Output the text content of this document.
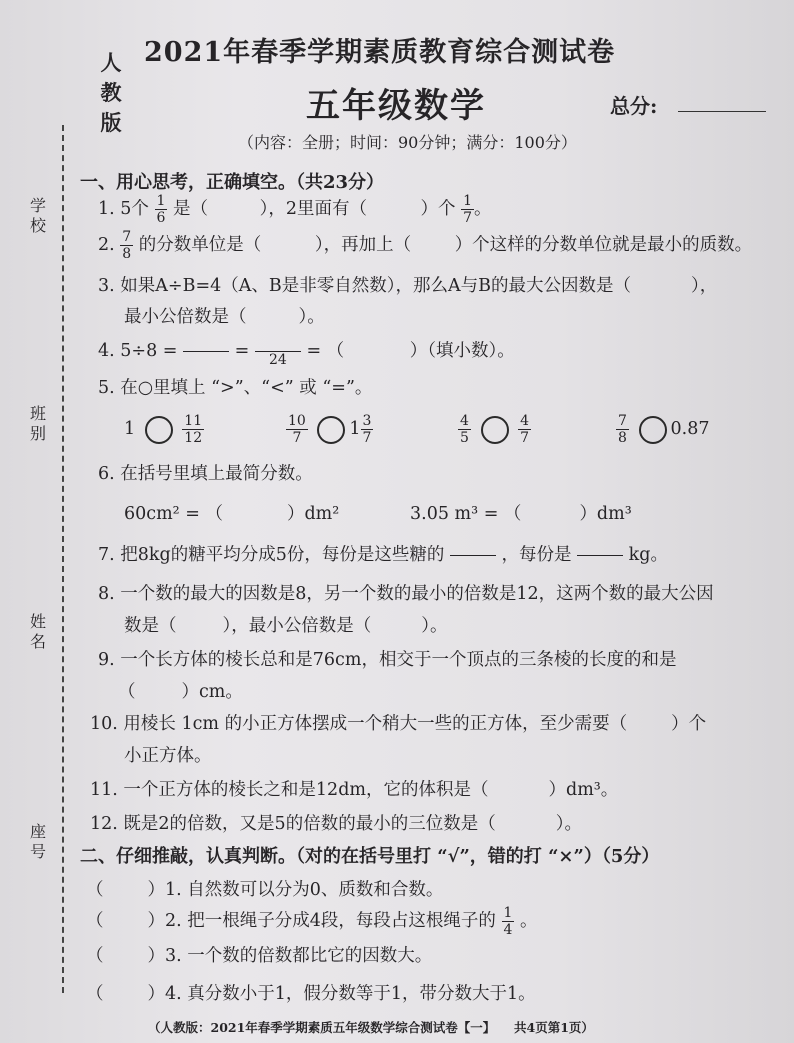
人教版
2021年春季学期素质教育综合测试卷
五年级数学	总分:
（内容：全册；时间：90分钟；满分：100分）
学校
班别
姓名
座号
一、用心思考，正确填空。（共23分）
1. 5个 $\frac{1}{6}$ 是（	），2里面有（	）个 $\frac{1}{7}$ 。
2. $\frac{7}{8}$ 的分数单位是（	），再加上（ ）个这样的分数单位就是最小的质数。
3. 如果A÷B=4（A、B是非零自然数），那么A与B的最大公因数是（	），
最小公倍数是（	）。
4. 5÷8 =

	=
	24	= （	）（填小数）。
5. 在○里填上 “>”、“<” 或 “=”。
1	$\frac{11}{12}$	$\frac{10}{7} 1 \frac{3}{7}$	$\frac{4}{5}$
	$\frac{4}{7}$	$\frac{7}{8} 0.87$
6. 在括号里填上最简分数。
60cm² = （	）dm²	3.05 m³ = （	）dm³
7. 把8kg的糖平均分成5份，每份是这些糖的

	，每份是

	kg。
8. 一个数的最大的因数是8，另一个数的最小的倍数是12，这两个数的最大公因
数是（	），最小公倍数是（	）。
9. 一个长方体的棱长总和是76cm，相交于一个顶点的三条棱的长度的和是
（	）cm。
10. 用棱长 1cm 的小正方体摆成一个稍大一些的正方体，至少需要（	）个
小正方体。
11. 一个正方体的棱长之和是12dm，它的体积是（	）dm³。
12. 既是2的倍数，又是5的倍数的最小的三位数是（	）。
二、仔细推敲，认真判断。（对的在括号里打 “√”，错的打 “×”）（5分）
（	）1. 自然数可以分为0、质数和合数。
（	）2. 把一根绳子分成4段，每段占这根绳子的 $\frac{1}{4}$ 。
（	）3. 一个数的倍数都比它的因数大。
（	）4. 真分数小于1，假分数等于1，带分数大于1。
（人教版：2021年春季学期素质五年级数学综合测试卷【一】　　共4页第1页）
